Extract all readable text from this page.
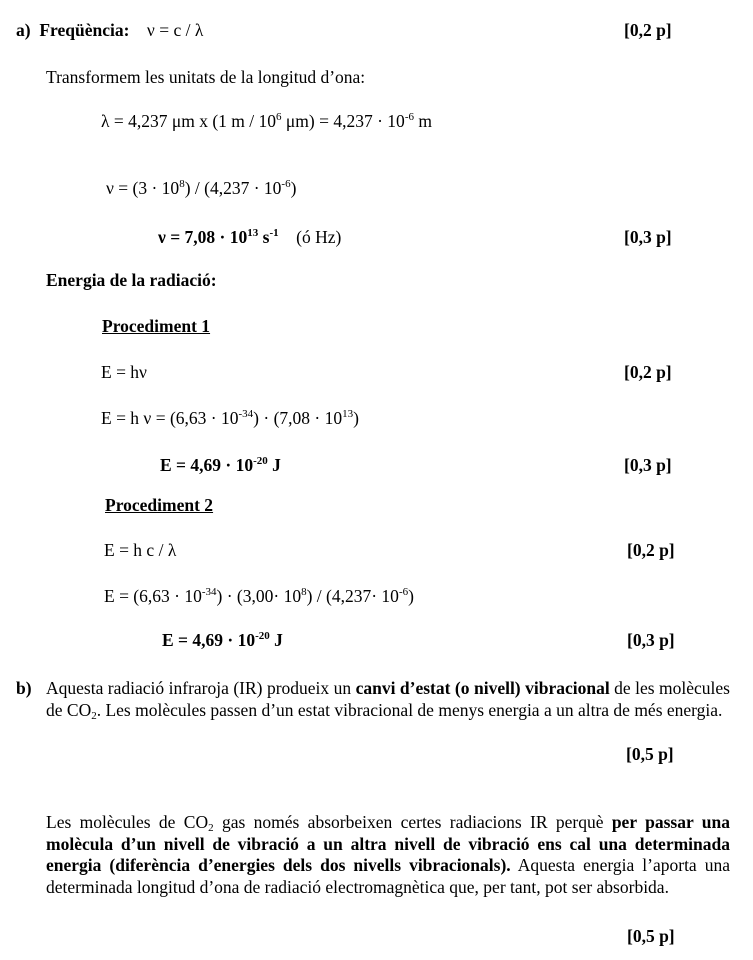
a) Freqüència: ν = c / λ	[0,2 p]
Transformem les unitats de la longitud d’ona:
λ = 4,237 μm x (1 m / $10^6$ $\mu m) = 4,237 \cdot 10^{-6}$ m
$\nu = (3 \cdot 10^8) / (4,237 \cdot 10^{-6})$
$\nu = 7,08 \cdot 10^{13}$ $s^{-1}$ (ó Hz)	[0,3 p]
Energia de la radiació:
Procediment 1
E = hν	[0,2 p]
E = h $\nu = (6,63 \cdot 10^{-34}) \cdot (7,08 \cdot 10^{13})$
$E = 4,69 \cdot 10^{-20}$ J	[0,3 p]
Procediment 2
E = h c / λ	[0,2 p]
$E = (6,63 \cdot 10^{-34}) \cdot (3,00\cdot 10^8) / (4,237\cdot 10^{-6})$
$E = 4,69 \cdot 10^{-20}$ J	[0,3 p]
b) Aquesta radiació infraroja (IR) produeix un canvi d’estat (o nivell) vibracional de les molècules de $CO_2$. Les molècules passen d’un estat vibracional de menys energia a un altra de més energia.
[0,5 p]
Les molècules de $CO_2$ gas només absorbeixen certes radiacions IR perquè per passar una molècula d’un nivell de vibració a un altra nivell de vibració ens cal una determinada energia (diferència d’energies dels dos nivells vibracionals). Aquesta energia l’aporta una determinada longitud d’ona de radiació electromagnètica que, per tant, pot ser absorbida.
[0,5 p]
